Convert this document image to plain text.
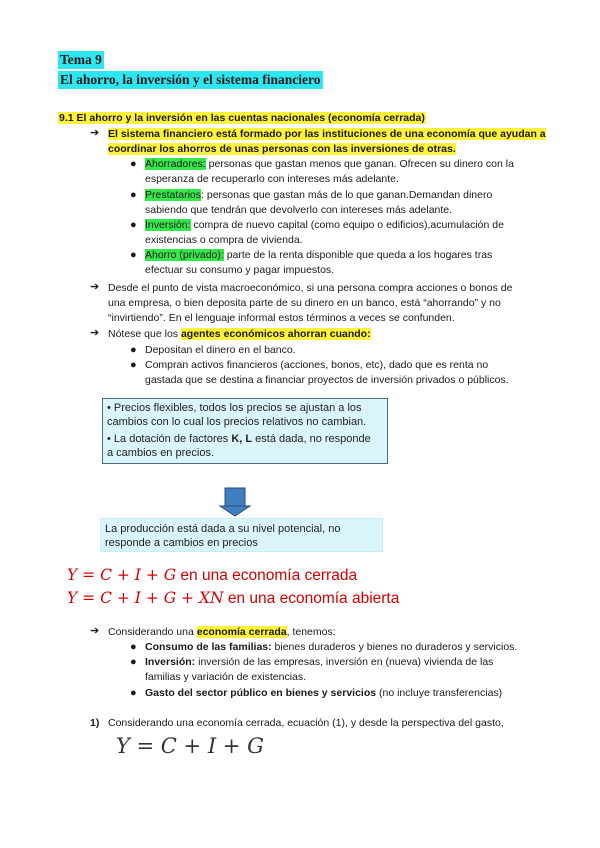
Tema 9
El ahorro, la inversión y el sistema financiero
9.1 El ahorro y la inversión en las cuentas nacionales (economía cerrada)
➔ El sistema financiero está formado por las instituciones de una economía que ayudan a
coordinar los ahorros de unas personas con las inversiones de otras.
● Ahorradores: personas que gastan menos que ganan. Ofrecen su dinero con la
esperanza de recuperarlo con intereses más adelante.
● Prestatarios: personas que gastan más de lo que ganan.Demandan dinero
sabiendo que tendrán que devolverlo con intereses más adelante.
● Inversión: compra de nuevo capital (como equipo o edificios),acumulación de
existencias o compra de vivienda.
● Ahorro (privado): parte de la renta disponible que queda a los hogares tras
efectuar su consumo y pagar impuestos.
➔ Desde el punto de vista macroeconómico, si una persona compra acciones o bonos de
una empresa, o bien deposita parte de su dinero en un banco, está “ahorrando” y no
“invirtiendo”. En el lenguaje informal estos términos a veces se confunden.
➔ Nótese que los agentes económicos ahorran cuando:
● Depositan el dinero en el banco.
● Compran activos financieros (acciones, bonos, etc), dado que es renta no
gastada que se destina a financiar proyectos de inversión privados o públicos.

• Precios flexibles, todos los precios se ajustan a los

cambios con lo cual los precios relativos no cambian.

• La dotación de factores K, L está dada, no responde

a cambios en precios.

La producción está dada a su nivel potencial, no

responde a cambios en precios

Y = C + I + G en una economía cerrada
Y = C + I + G + XN en una economía abierta
➔ Considerando una economía cerrada, tenemos:
● Consumo de las familias: bienes duraderos y bienes no duraderos y servicios.
● Inversión: inversión de las empresas, inversión en (nueva) vivienda de las
familias y variación de existencias.
● Gasto del sector público en bienes y servicios (no incluye transferencias)
1) Considerando una economía cerrada, ecuación (1), y desde la perspectiva del gasto,
Y = C + I + G
